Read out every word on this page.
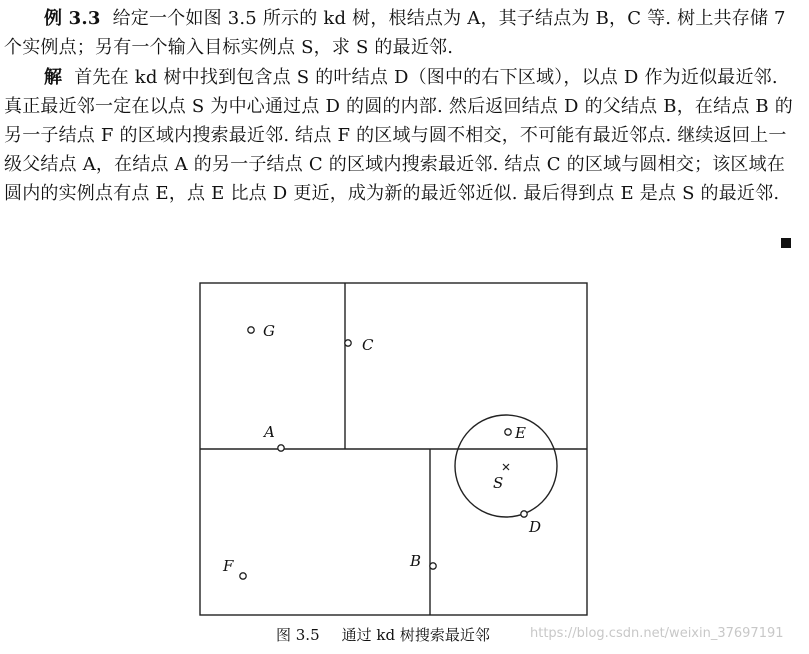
例 3.3 给定一个如图 3.5 所示的 kd 树，根结点为 A，其子结点为 B，C 等. 树上共存储 7 个实例点；另有一个输入目标实例点 S，求 S 的最近邻.

解 首先在 kd 树中找到包含点 S 的叶结点 D（图中的右下区域），以点 D 作为近似最近邻. 真正最近邻一定在以点 S 为中心通过点 D 的圆的内部. 然后返回结点 D 的父结点 B，在结点 B 的另一子结点 F 的区域内搜索最近邻. 结点 F 的区域与圆不相交，不可能有最近邻点. 继续返回上一级父结点 A，在结点 A 的另一子结点 C 的区域内搜索最近邻. 结点 C 的区域与圆相交；该区域在圆内的实例点有点 E，点 E 比点 D 更近，成为新的最近邻近似. 最后得到点 E 是点 S 的最近邻.

G
C
A	E
S
D
F	B
图 3.5 通过 kd 树搜索最近邻	https://blog.csdn.net/weixin_37697191
